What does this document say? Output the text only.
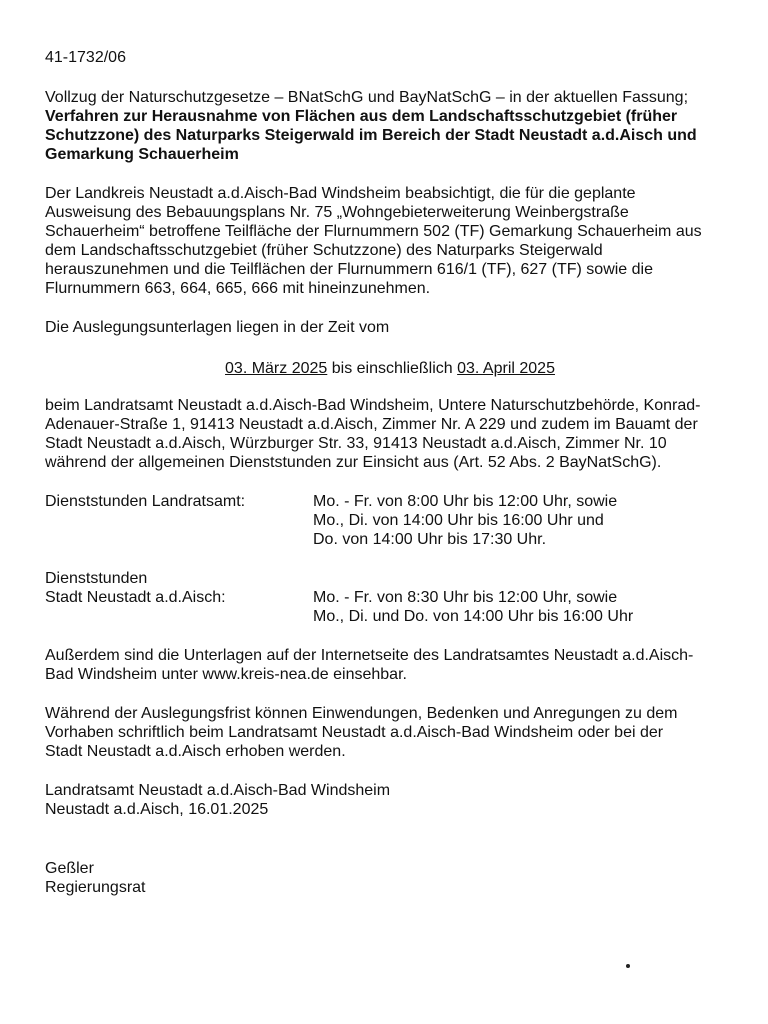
41-1732/06

Vollzug der Naturschutzgesetze – BNatSchG und BayNatSchG – in der aktuellen Fassung;

Verfahren zur Herausnahme von Flächen aus dem Landschaftsschutzgebiet (früher

Schutzzone) des Naturparks Steigerwald im Bereich der Stadt Neustadt a.d.Aisch und

Gemarkung Schauerheim

Der Landkreis Neustadt a.d.Aisch-Bad Windsheim beabsichtigt, die für die geplante

Ausweisung des Bebauungsplans Nr. 75 „Wohngebieterweiterung Weinbergstraße

Schauerheim“ betroffene Teilfläche der Flurnummern 502 (TF) Gemarkung Schauerheim aus

dem Landschaftsschutzgebiet (früher Schutzzone) des Naturparks Steigerwald

herauszunehmen und die Teilflächen der Flurnummern 616/1 (TF), 627 (TF) sowie die

Flurnummern 663, 664, 665, 666 mit hineinzunehmen.

Die Auslegungsunterlagen liegen in der Zeit vom

03. März 2025 bis einschließlich 03. April 2025

beim Landratsamt Neustadt a.d.Aisch-Bad Windsheim, Untere Naturschutzbehörde, Konrad-

Adenauer-Straße 1, 91413 Neustadt a.d.Aisch, Zimmer Nr. A 229 und zudem im Bauamt der

Stadt Neustadt a.d.Aisch, Würzburger Str. 33, 91413 Neustadt a.d.Aisch, Zimmer Nr. 10

während der allgemeinen Dienststunden zur Einsicht aus (Art. 52 Abs. 2 BayNatSchG).

Dienststunden Landratsamt:	Mo. - Fr. von 8:00 Uhr bis 12:00 Uhr, sowie
Mo., Di. von 14:00 Uhr bis 16:00 Uhr und
Do. von 14:00 Uhr bis 17:30 Uhr.
Dienststunden
Stadt Neustadt a.d.Aisch:	Mo. - Fr. von 8:30 Uhr bis 12:00 Uhr, sowie
Mo., Di. und Do. von 14:00 Uhr bis 16:00 Uhr

Außerdem sind die Unterlagen auf der Internetseite des Landratsamtes Neustadt a.d.Aisch-

Bad Windsheim unter www.kreis-nea.de einsehbar.

Während der Auslegungsfrist können Einwendungen, Bedenken und Anregungen zu dem

Vorhaben schriftlich beim Landratsamt Neustadt a.d.Aisch-Bad Windsheim oder bei der

Stadt Neustadt a.d.Aisch erhoben werden.

Landratsamt Neustadt a.d.Aisch-Bad Windsheim

Neustadt a.d.Aisch, 16.01.2025

Geßler

Regierungsrat
